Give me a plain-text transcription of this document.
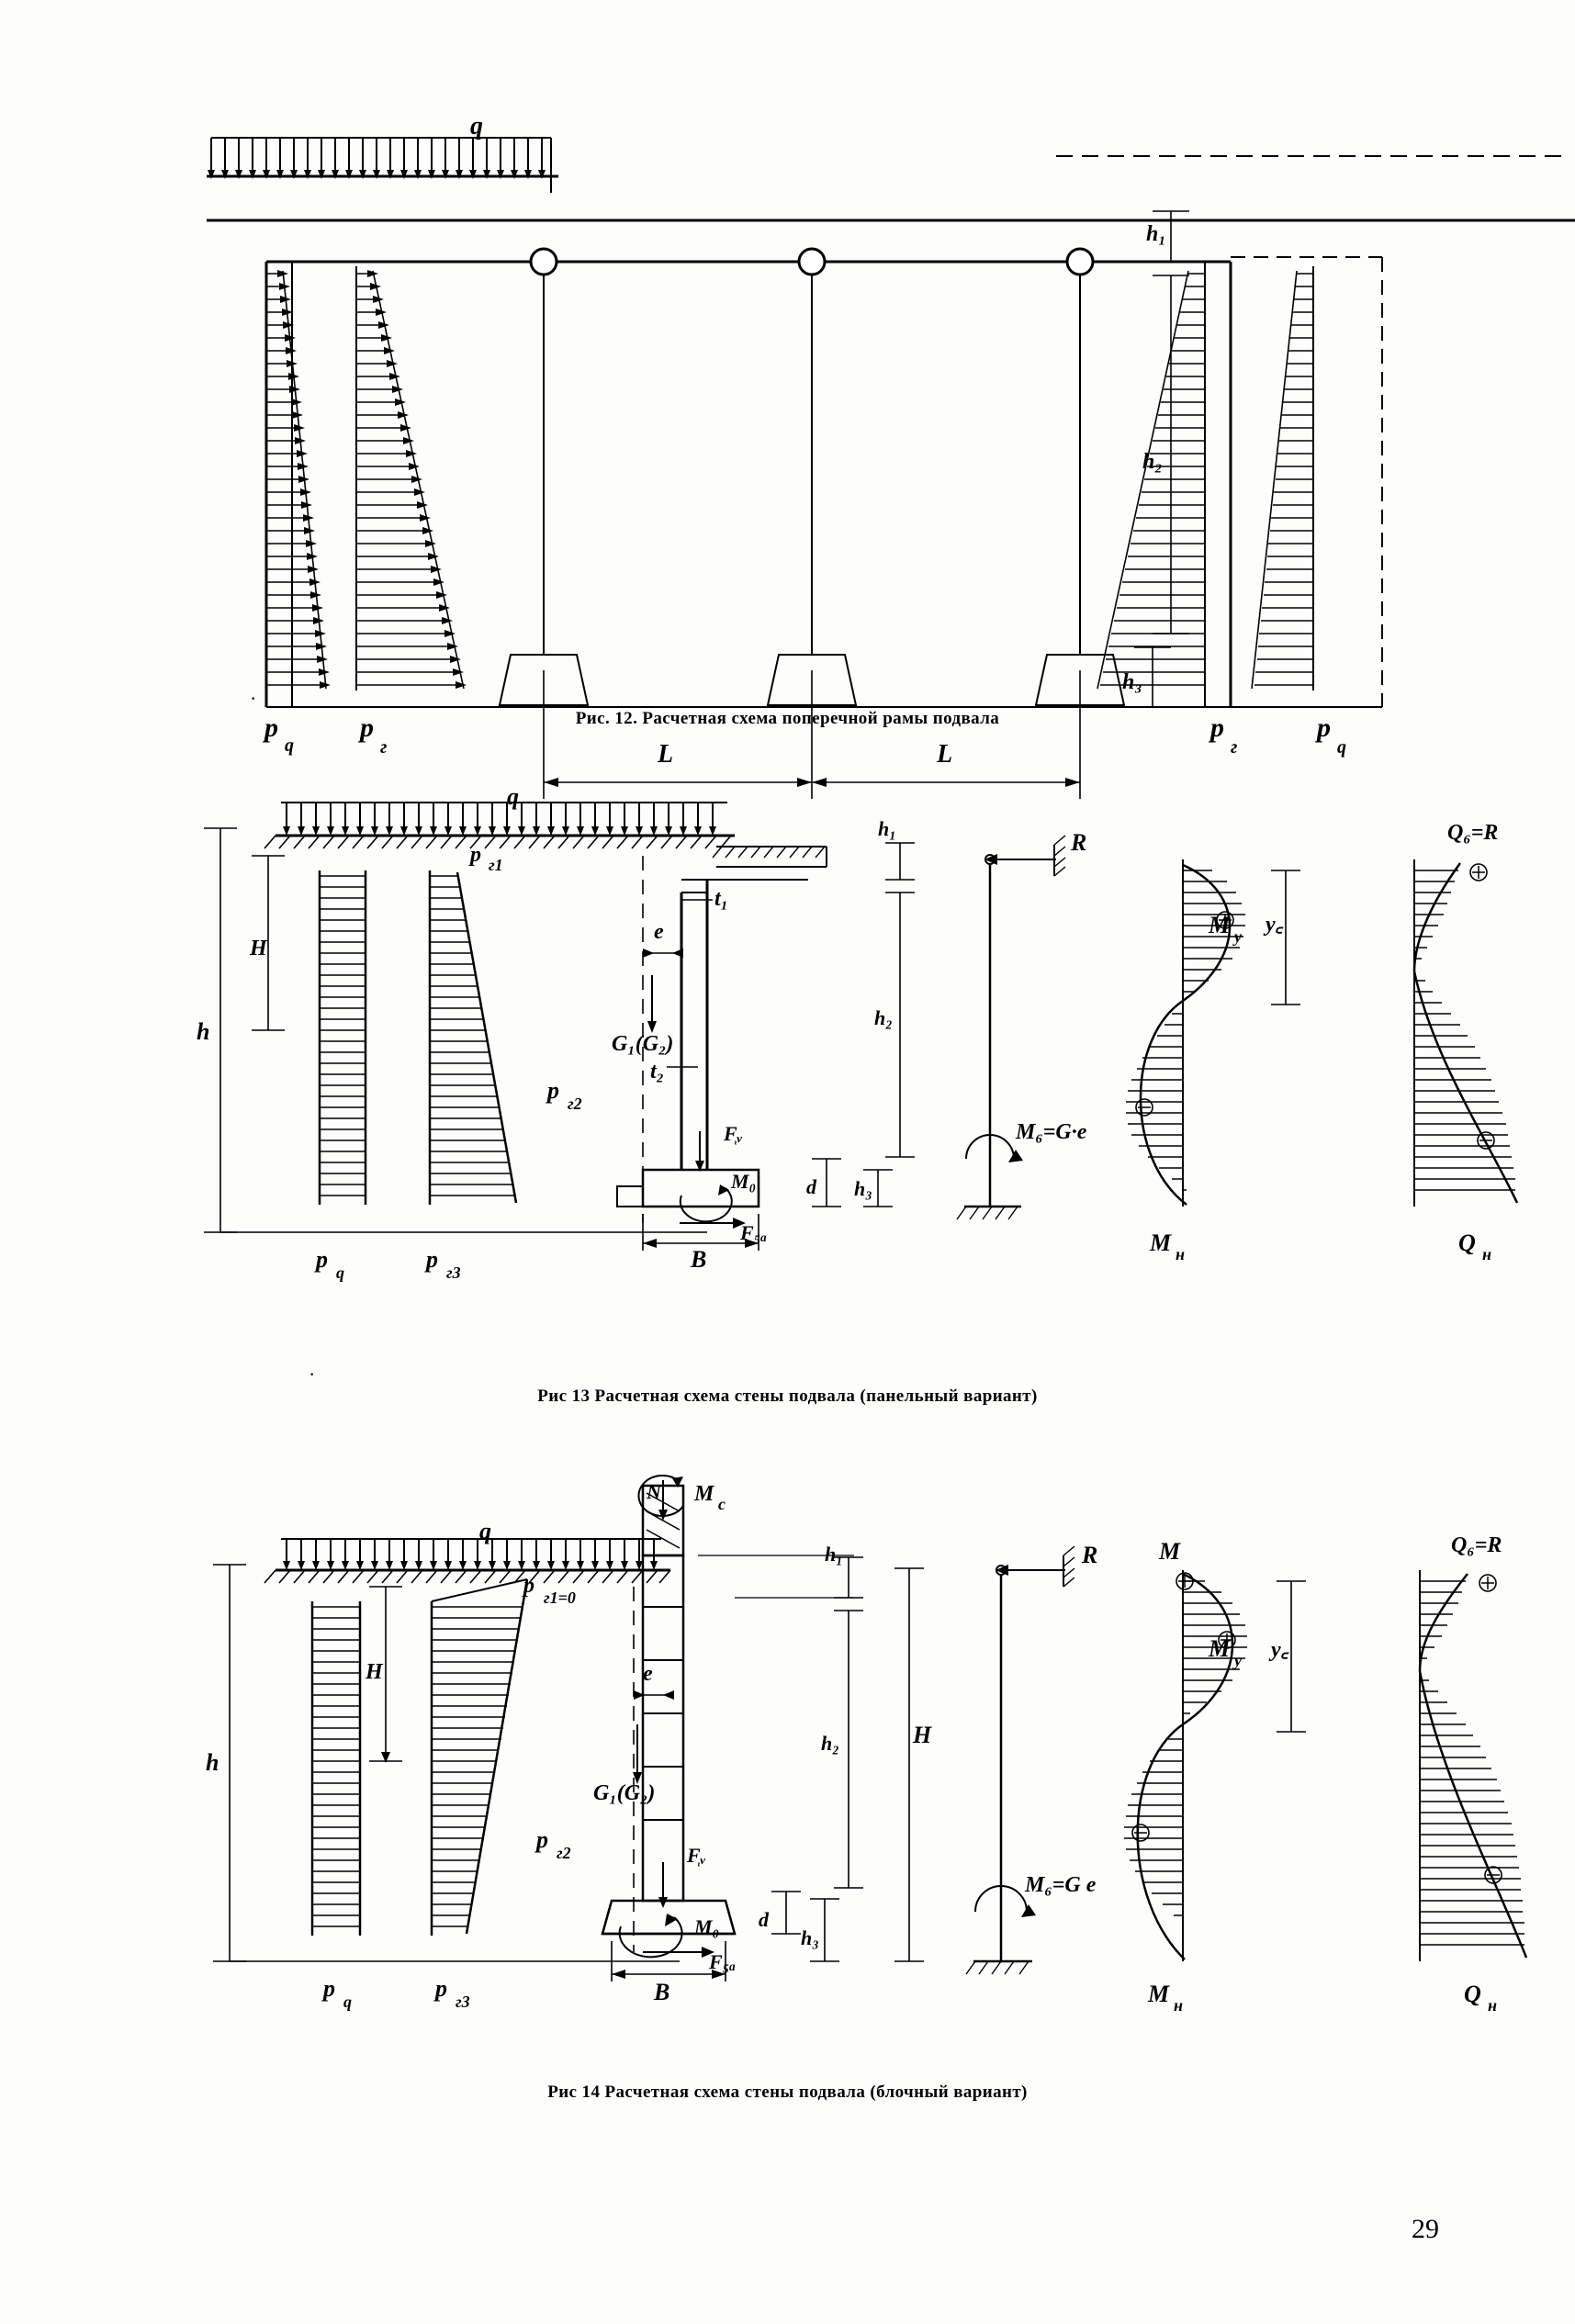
q
h₁
h₂
h₃
p
q
p
г
p
г
p
q
L	L
Рис. 12. Расчетная схема поперечной рамы подвала
·
q
h
Н
h₁
h₂
h₃
d
B
t₁
t₂
e
G₁(G₂)
F᷂ᵥ
M₀
F₅ₐ
p г1
p г2
p q	p г3
R
M₆=G·e
M у
M н
Q₆=R
Q н
y꜀
Рис 13 Расчетная схема стены подвала (панельный вариант)
·
q
h
Н
Н
h₁
h₂
h₃
d
B
e
G₁(G₂)
F᷂ᵥ
M₀
F₅ₐ
N M с
p г1=0
p г2
p q	p г3
R
M₆=G e
M
M у
M н
Q₆=R
Q н
y꜀
Рис 14 Расчетная схема стены подвала (блочный вариант)
29
